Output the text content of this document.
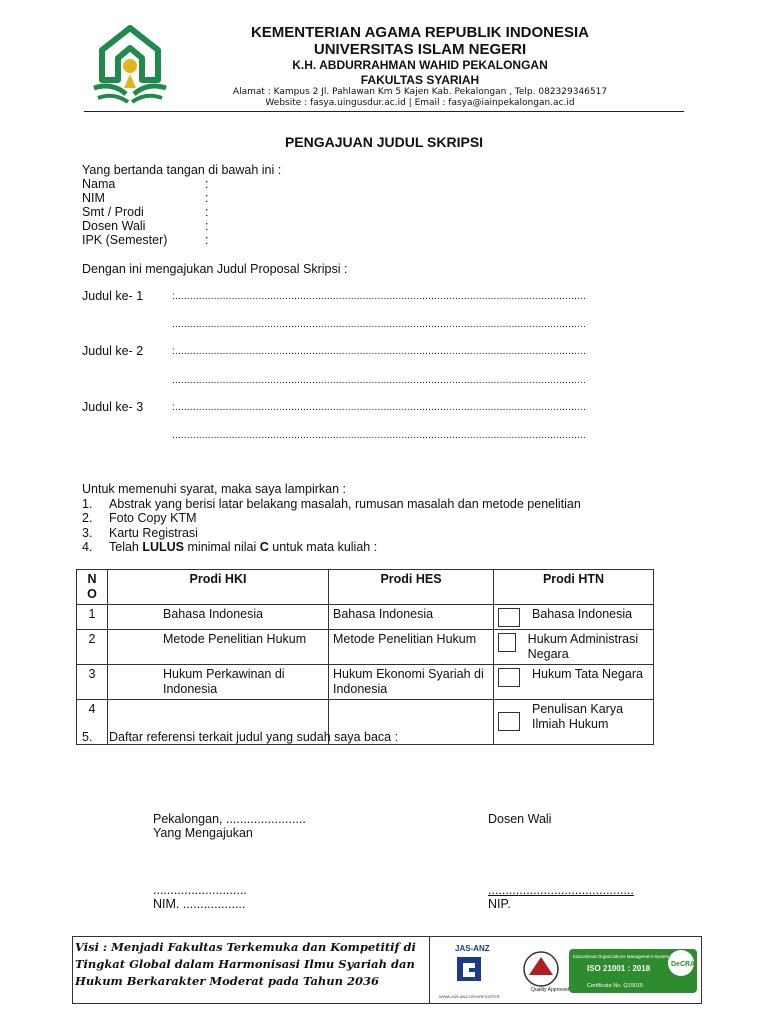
KEMENTERIAN AGAMA REPUBLIK INDONESIA
UNIVERSITAS ISLAM NEGERI
K.H. ABDURRAHMAN WAHID PEKALONGAN
FAKULTAS SYARIAH
Alamat : Kampus 2 Jl. Pahlawan Km 5 Kajen Kab. Pekalongan , Telp. 082329346517
Website : fasya.uingusdur.ac.id | Email : fasya@iainpekalongan.ac.id
PENGAJUAN JUDUL SKRIPSI
Yang bertanda tangan di bawah ini :
Nama	:
NIM	:
Smt / Prodi	:
Dosen Wali	:
IPK (Semester)	:
Dengan ini mengajukan Judul Proposal Skripsi :
Judul ke- 1	:..........................................................................................................................................
...........................................................................................................................................
Judul ke- 2	:..........................................................................................................................................
...........................................................................................................................................
Judul ke- 3	:..........................................................................................................................................
...........................................................................................................................................
Untuk memenuhi syarat, maka saya lampirkan :
1. Abstrak yang berisi latar belakang masalah, rumusan masalah dan metode penelitian
2. Foto Copy KTM
3. Kartu Registrasi
4. Telah LULUS minimal nilai C untuk mata kuliah :
N O	Prodi HKI	Prodi HES	Prodi HTN
1	Bahasa Indonesia	Bahasa Indonesia	Bahasa Indonesia

2	Metode Penelitian Hukum	Metode Penelitian Hukum	Hukum Administrasi Negara

3	Hukum Perkawinan di Indonesia	Hukum Ekonomi Syariah di Indonesia	Hukum Tata Negara

4			Penulisan Karya Ilmiah Hukum
5. Daftar referensi terkait judul yang sudah saya baca :
Pekalongan, .......................
Yang Mengajukan
...........................
NIM. ..................
Dosen Wali
..........................................
NIP.
Visi : Menjadi Fakultas Terkemuka dan Kompetitif di
Tingkat Global dalam Harmonisasi Ilmu Syariah dan
Hukum Berkarakter Moderat pada Tahun 2036
JAS-ANZ
WWW.JAS-ANZ.ORG/REGISTER
Quality Approved
Educational Organizations Management System
ISO 21001 : 2018	DeCRA
Certificate No. Q19015
